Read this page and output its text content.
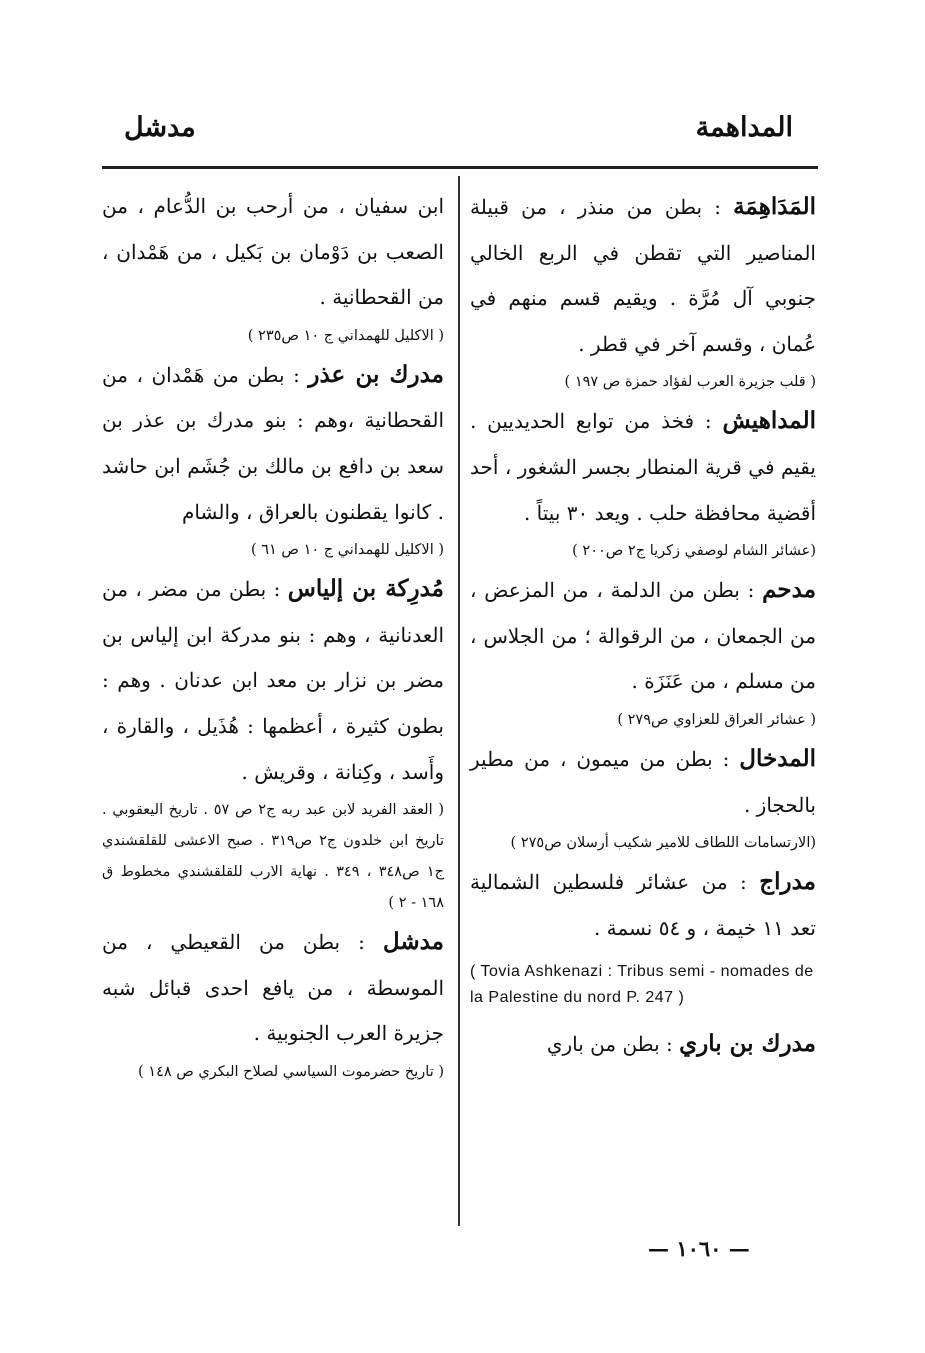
المداهمة
مدشل

المَدَاهِمَة : بطن من منذر ، من قبيلة المناصير التي تقطن في الربع الخالي جنوبي آل مُرَّة . ويقيم قسم منهم في عُمان ، وقسم آخر في قطر .

( قلب جزيرة العرب لفؤاد حمزة ص ١٩٧ )

المداهيش : فخذ من توابع الحديديين . يقيم في قرية المنطار بجسر الشغور ، أحد أقضية محافظة حلب . ويعد ٣٠ بيتاً .

(عشائر الشام لوصفي زكريا ج٢ ص٢٠٠ )

مدحم : بطن من الدلمة ، من المزعض ، من الجمعان ، من الرقوالة ؛ من الجلاس ، من مسلم ، من عَنَزَة .

( عشائر العراق للعزاوي ص٢٧٩ )

المدخال : بطن من ميمون ، من مطير بالحجاز .

(الارتسامات اللطاف للامير شكيب أرسلان ص٢٧٥ )

مدراج : من عشائر فلسطين الشمالية تعد ١١ خيمة ، و ٥٤ نسمة .

( Tovia Ashkenazi : Tribus semi - nomades de la Palestine du nord P. 247 )

مدرك بن باري : بطن من باري

ابن سفيان ، من أرحب بن الدُّعام ، من الصعب بن دَوْمان بن بَكيل ، من هَمْدان ، من القحطانية .

( الاكليل للهمداني ج ١٠ ص٢٣٥ )

مدرك بن عذر : بطن من هَمْدان ، من القحطانية ،وهم : بنو مدرك بن عذر بن سعد بن دافع بن مالك بن جُشَم ابن حاشد . كانوا يقطنون بالعراق ، والشام

( الاكليل للهمداني ج ١٠ ص ٦١ )

مُدرِكة بن إلياس : بطن من مضر ، من العدنانية ، وهم : بنو مدركة ابن إلياس بن مضر بن نزار بن معد ابن عدنان . وهم : بطون كثيرة ، أعظمها : هُذَيل ، والقارة ، وأَسد ، وكِنانة ، وقريش .

( العقد الفريد لابن عبد ربه ج٢ ص ٥٧ . تاريخ اليعقوبي . تاريخ ابن خلدون ج٢ ص٣١٩ . صبح الاعشى للقلقشندي ج١ ص٣٤٨ ، ٣٤٩ . نهاية الارب للقلقشندي مخطوط ق ١٦٨ - ٢ )

مدشل : بطن من القعيطي ، من الموسطة ، من يافع احدى قبائل شبه جزيرة العرب الجنوبية .

( تاريخ حضرموت السياسي لصلاح البكري ص ١٤٨ )

— ١٠٦٠ —
